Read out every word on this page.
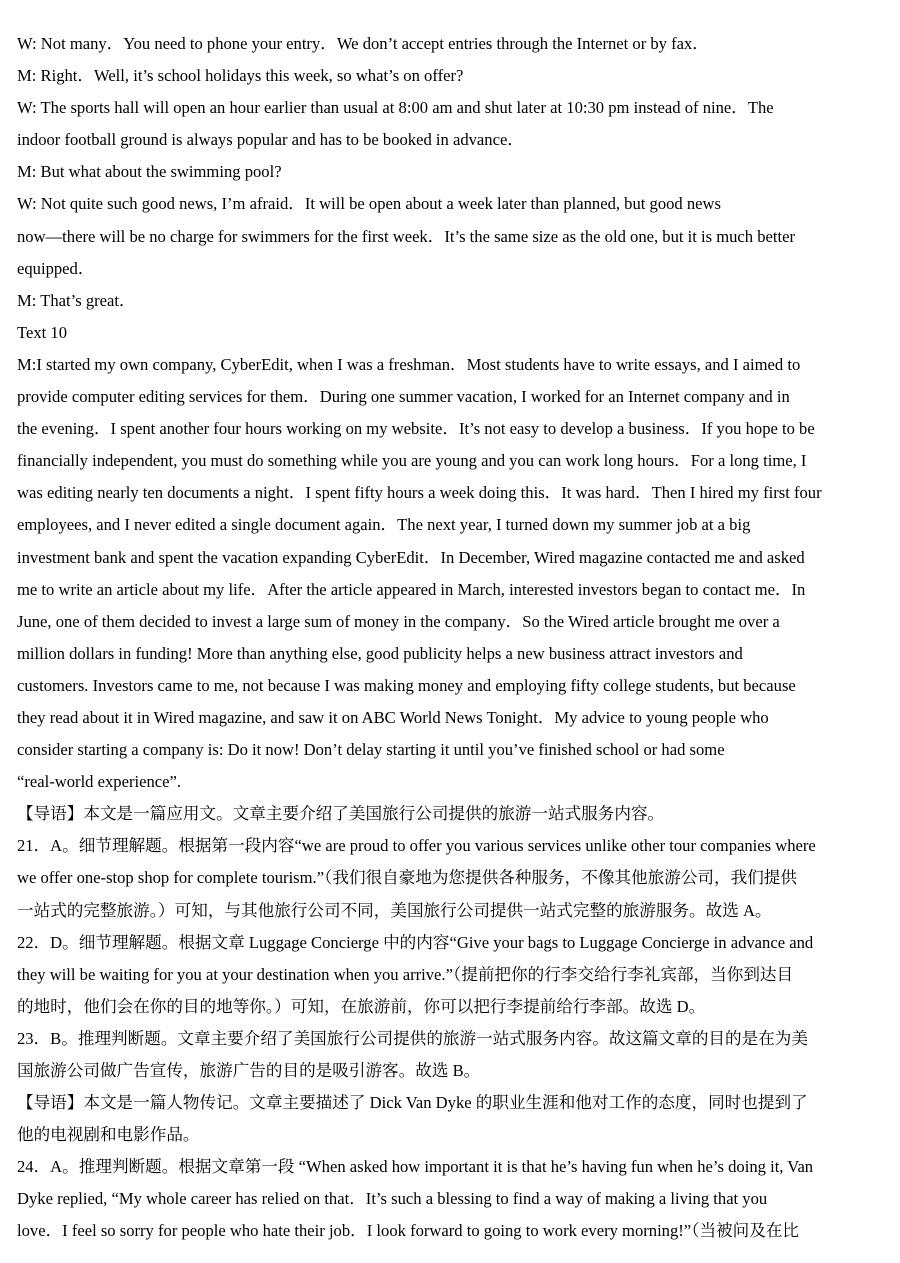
W: Not many．You need to phone your entry．We don’t accept entries through the Internet or by fax．
M: Right．Well, it’s school holidays this week, so what’s on offer?
W: The sports hall will open an hour earlier than usual at 8:00 am and shut later at 10:30 pm instead of nine．The
indoor football ground is always popular and has to be booked in advance．
M: But what about the swimming pool?
W: Not quite such good news, I’m afraid．It will be open about a week later than planned, but good news
now—there will be no charge for swimmers for the first week．It’s the same size as the old one, but it is much better
equipped．
M: That’s great．
Text 10
M:I started my own company, CyberEdit, when I was a freshman．Most students have to write essays, and I aimed to
provide computer editing services for them．During one summer vacation, I worked for an Internet company and in
the evening．I spent another four hours working on my website．It’s not easy to develop a business．If you hope to be
financially independent, you must do something while you are young and you can work long hours．For a long time, I
was editing nearly ten documents a night．I spent fifty hours a week doing this．It was hard．Then I hired my first four
employees, and I never edited a single document again．The next year, I turned down my summer job at a big
investment bank and spent the vacation expanding CyberEdit．In December, Wired magazine contacted me and asked
me to write an article about my life．After the article appeared in March, interested investors began to contact me．In
June, one of them decided to invest a large sum of money in the company．So the Wired article brought me over a
million dollars in funding! More than anything else, good publicity helps a new business attract investors and
customers. Investors came to me, not because I was making money and employing fifty college students, but because
they read about it in Wired magazine, and saw it on ABC World News Tonight．My advice to young people who
consider starting a company is: Do it now! Don’t delay starting it until you’ve finished school or had some
“real-world experience”.
【导语】本文是一篇应用文。文章主要介绍了美国旅行公司提供的旅游一站式服务内容。
21．A。细节理解题。根据第一段内容“we are proud to offer you various services unlike other tour companies where
we offer one-stop shop for complete tourism.”（我们很自豪地为您提供各种服务，不像其他旅游公司，我们提供
一站式的完整旅游。）可知，与其他旅行公司不同，美国旅行公司提供一站式完整的旅游服务。故选 A。
22．D。细节理解题。根据文章 Luggage Concierge 中的内容“Give your bags to Luggage Concierge in advance and
they will be waiting for you at your destination when you arrive.”（提前把你的行李交给行李礼宾部，当你到达目
的地时，他们会在你的目的地等你。）可知，在旅游前，你可以把行李提前给行李部。故选 D。
23．B。推理判断题。文章主要介绍了美国旅行公司提供的旅游一站式服务内容。故这篇文章的目的是在为美
国旅游公司做广告宣传，旅游广告的目的是吸引游客。故选 B。
【导语】本文是一篇人物传记。文章主要描述了 Dick Van Dyke 的职业生涯和他对工作的态度，同时也提到了
他的电视剧和电影作品。
24．A。推理判断题。根据文章第一段 “When asked how important it is that he’s having fun when he’s doing it, Van
Dyke replied, “My whole career has relied on that．It’s such a blessing to find a way of making a living that you
love．I feel so sorry for people who hate their job．I look forward to going to work every morning!”（当被问及在比
